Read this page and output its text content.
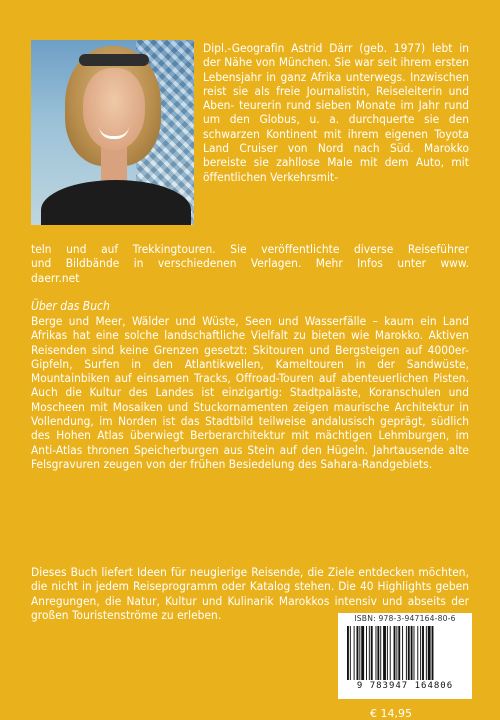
Dipl.-Geografin Astrid Därr (geb. 1977) lebt in der Nähe von München. Sie war seit ihrem ersten Lebensjahr in ganz Afrika unterwegs. Inzwischen reist sie als freie Journalistin, Reiseleiterin und Aben- teurerin rund sieben Monate im Jahr rund um den Globus, u. a. durchquerte sie den schwarzen Kontinent mit ihrem eigenen Toyota Land Cruiser von Nord nach Süd. Marokko bereiste sie zahllose Male mit dem Auto, mit öffentlichen Verkehrsmit-

teln und auf Trekkingtouren. Sie veröffentlichte diverse Reiseführer
und Bildbände in verschiedenen Verlagen. Mehr Infos unter www.
daerr.net

Über das Buch

Berge und Meer, Wälder und Wüste, Seen und Wasserfälle – kaum ein Land Afrikas hat eine solche landschaftliche Vielfalt zu bieten wie Marokko. Aktiven Reisenden sind keine Grenzen gesetzt: Skitouren und Bergsteigen auf 4000er-Gipfeln, Surfen in den Atlantikwellen, Kameltouren in der Sandwüste, Mountainbiken auf einsamen Tracks, Offroad-Touren auf abenteuerlichen Pisten. Auch die Kultur des Landes ist einzigartig: Stadtpaläste, Koranschulen und Moscheen mit Mosaiken und Stuckornamenten zeigen maurische Architektur in Vollendung, im Norden ist das Stadtbild teilweise andalusisch geprägt, südlich des Hohen Atlas überwiegt Berberarchitektur mit mächtigen Lehmburgen, im Anti-Atlas thronen Speicherburgen aus Stein auf den Hügeln. Jahrtausende alte Felsgravuren zeugen von der frühen Besiedelung des Sahara-Randgebiets.

Dieses Buch liefert Ideen für neugierige Reisende, die Ziele entdecken möchten, die nicht in jedem Reiseprogramm oder Katalog stehen. Die 40 Highlights geben Anregungen, die Natur, Kultur und Kulinarik Marokkos intensiv und abseits der großen Touristenströme zu erleben.	ISBN: 978-3-947164-80-6
9 783947 164806
€ 14,95
